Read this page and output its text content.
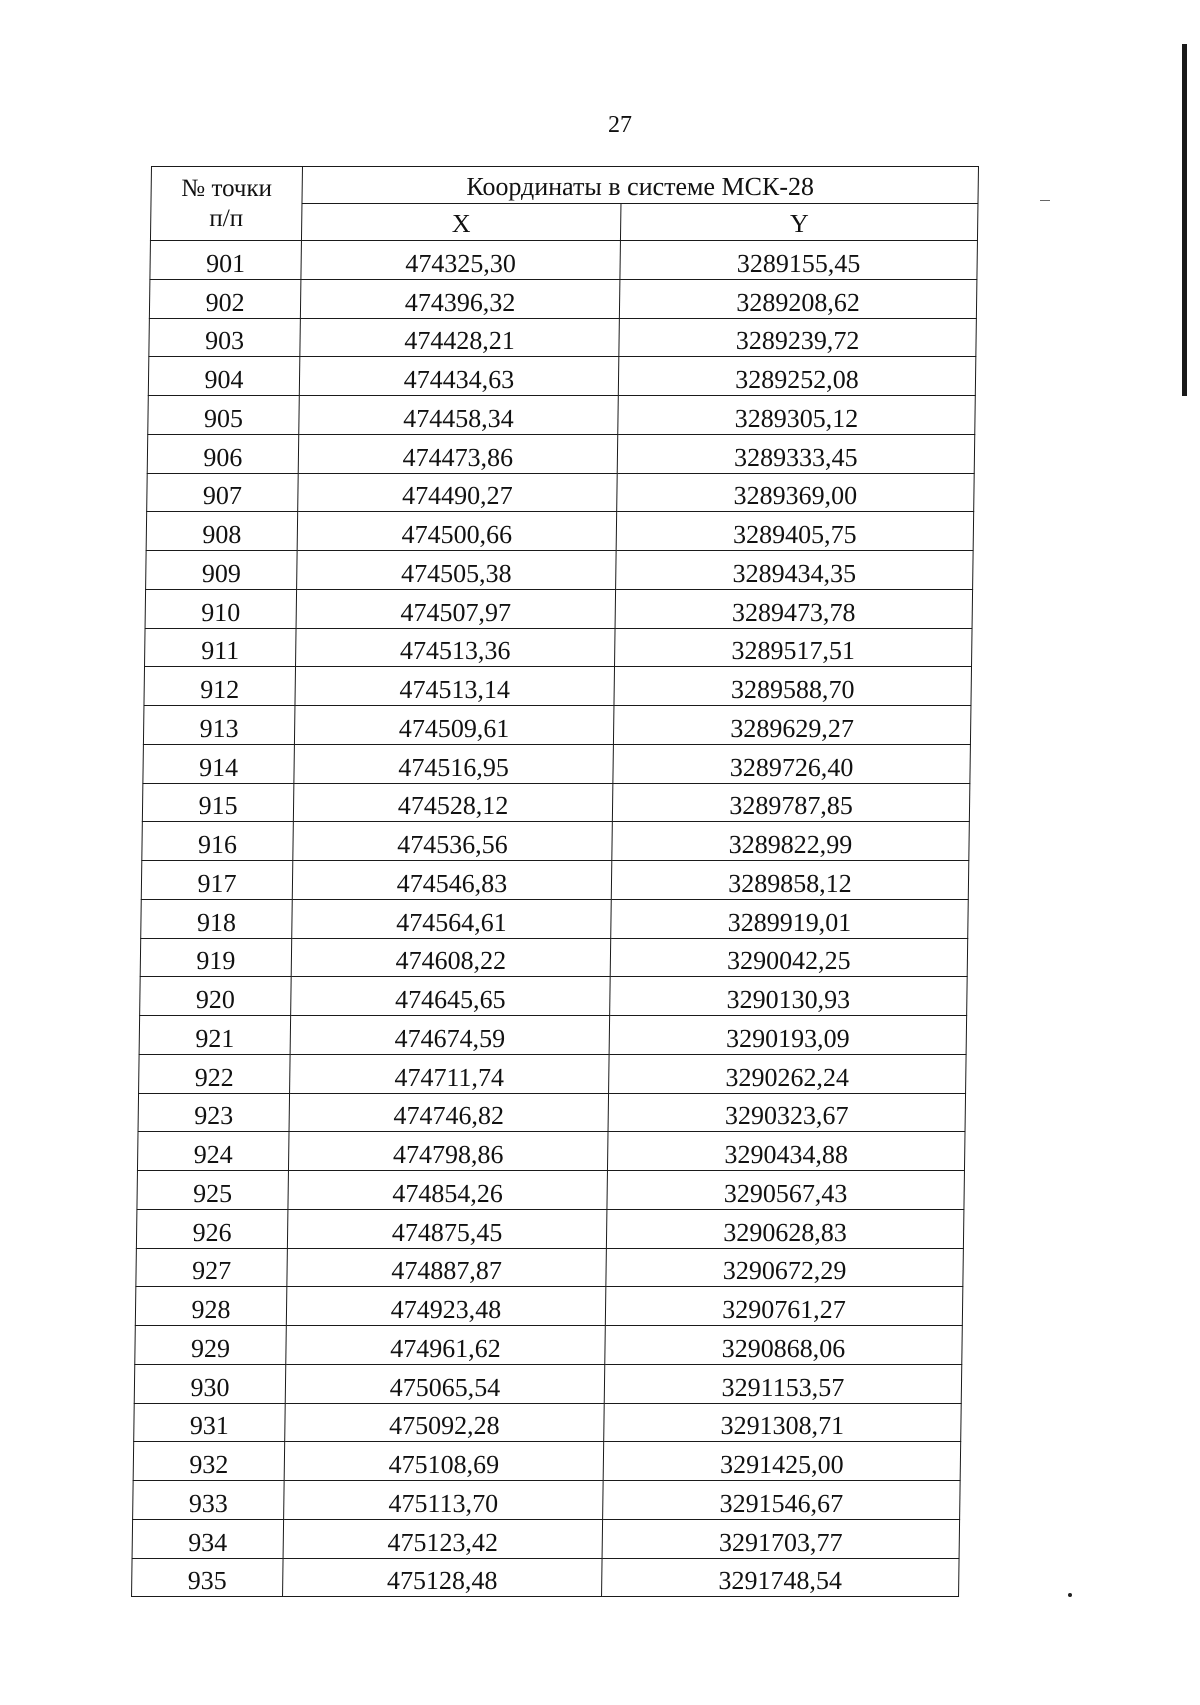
27
№ точки
п/п	Координаты в системе МСК-28	
	X	Y
901	474325,30	3289155,45
902	474396,32	3289208,62
903	474428,21	3289239,72
904	474434,63	3289252,08
905	474458,34	3289305,12
906	474473,86	3289333,45
907	474490,27	3289369,00
908	474500,66	3289405,75
909	474505,38	3289434,35
910	474507,97	3289473,78
911	474513,36	3289517,51
912	474513,14	3289588,70
913	474509,61	3289629,27
914	474516,95	3289726,40
915	474528,12	3289787,85
916	474536,56	3289822,99
917	474546,83	3289858,12
918	474564,61	3289919,01
919	474608,22	3290042,25
920	474645,65	3290130,93
921	474674,59	3290193,09
922	474711,74	3290262,24
923	474746,82	3290323,67
924	474798,86	3290434,88
925	474854,26	3290567,43
926	474875,45	3290628,83
927	474887,87	3290672,29
928	474923,48	3290761,27
929	474961,62	3290868,06
930	475065,54	3291153,57
931	475092,28	3291308,71
932	475108,69	3291425,00
933	475113,70	3291546,67
934	475123,42	3291703,77
935	475128,48	3291748,54
